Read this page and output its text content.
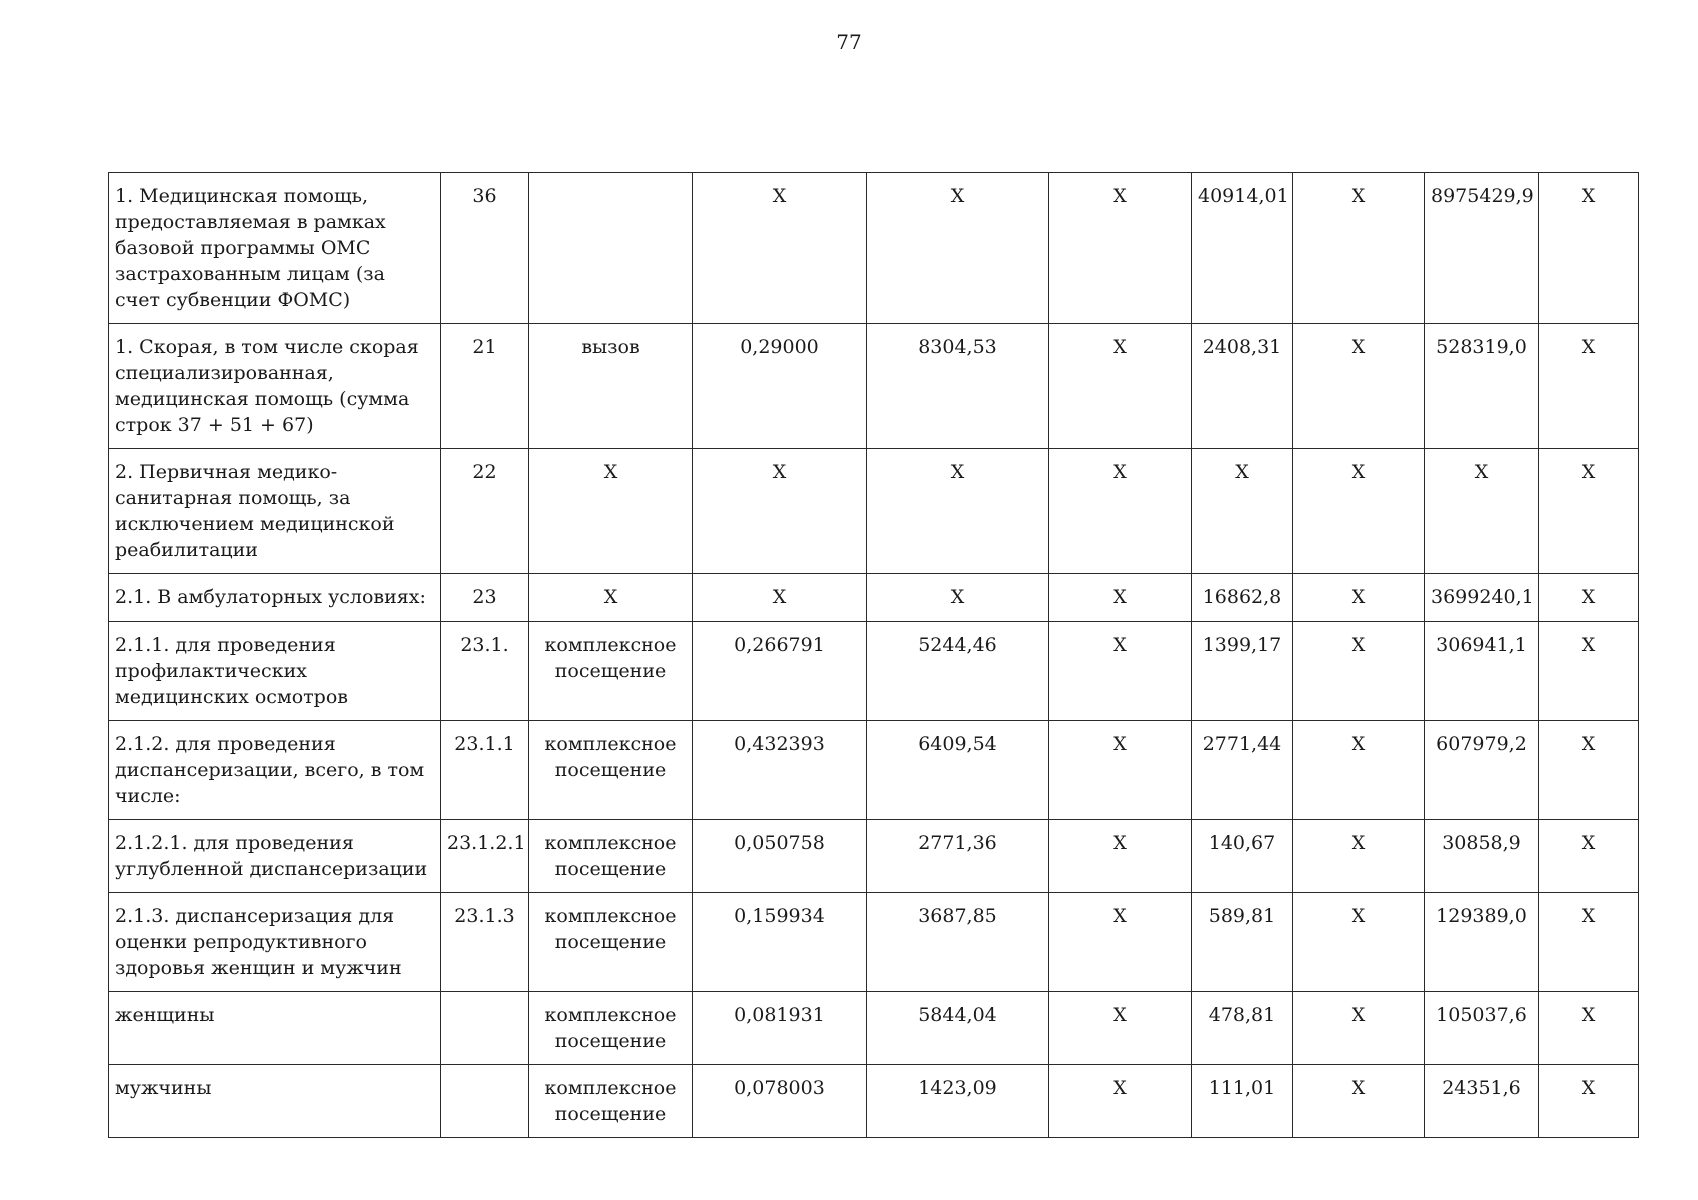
77
1. Медицинская помощь, предоставляемая в рамках базовой программы ОМС застрахованным лицам (за счет субвенции ФОМС)	36		X	X	X	40914,01	X	8975429,9	X
1. Скорая, в том числе скорая специализированная, медицинская помощь (сумма строк 37 + 51 + 67)	21	вызов	0,29000	8304,53	X	2408,31	X	528319,0	X
2. Первичная медико-санитарная помощь, за исключением медицинской реабилитации	22	X	X	X	X	X	X	X	X
2.1. В амбулаторных условиях:	23	X	X	X	X	16862,8	X	3699240,1	X
2.1.1. для проведения профилактических медицинских осмотров	23.1.	комплексное посещение	0,266791	5244,46	X	1399,17	X	306941,1	X
2.1.2. для проведения диспансеризации, всего, в том числе:	23.1.1	комплексное посещение	0,432393	6409,54	X	2771,44	X	607979,2	X
2.1.2.1. для проведения углубленной диспансеризации	23.1.2.1	комплексное посещение	0,050758	2771,36	X	140,67	X	30858,9	X
2.1.3. диспансеризация для оценки репродуктивного здоровья женщин и мужчин	23.1.3	комплексное посещение	0,159934	3687,85	X	589,81	X	129389,0	X
женщины		комплексное посещение	0,081931	5844,04	X	478,81	X	105037,6	X
мужчины		комплексное посещение	0,078003	1423,09	X	111,01	X	24351,6	X
